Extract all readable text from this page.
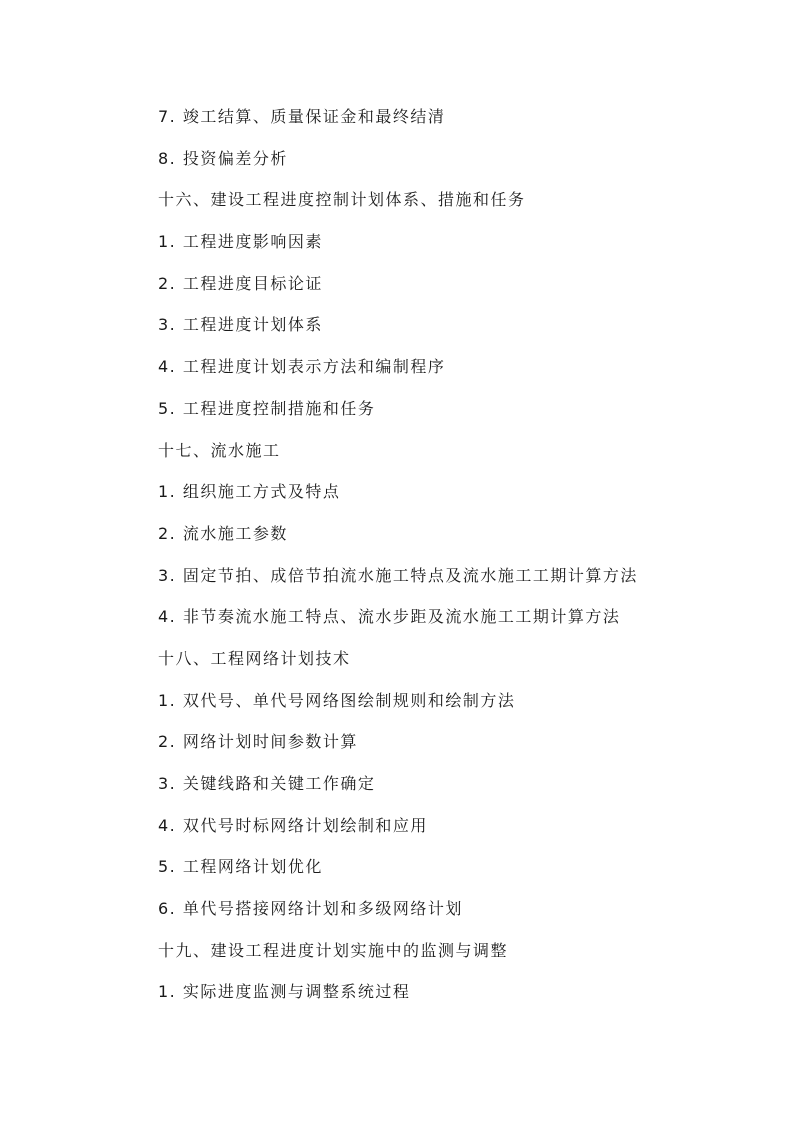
7. 竣工结算、质量保证金和最终结清
8. 投资偏差分析
十六、建设工程进度控制计划体系、措施和任务
1. 工程进度影响因素
2. 工程进度目标论证
3. 工程进度计划体系
4. 工程进度计划表示方法和编制程序
5. 工程进度控制措施和任务
十七、流水施工
1. 组织施工方式及特点
2. 流水施工参数
3. 固定节拍、成倍节拍流水施工特点及流水施工工期计算方法
4. 非节奏流水施工特点、流水步距及流水施工工期计算方法
十八、工程网络计划技术
1. 双代号、单代号网络图绘制规则和绘制方法
2. 网络计划时间参数计算
3. 关键线路和关键工作确定
4. 双代号时标网络计划绘制和应用
5. 工程网络计划优化
6. 单代号搭接网络计划和多级网络计划
十九、建设工程进度计划实施中的监测与调整
1. 实际进度监测与调整系统过程
